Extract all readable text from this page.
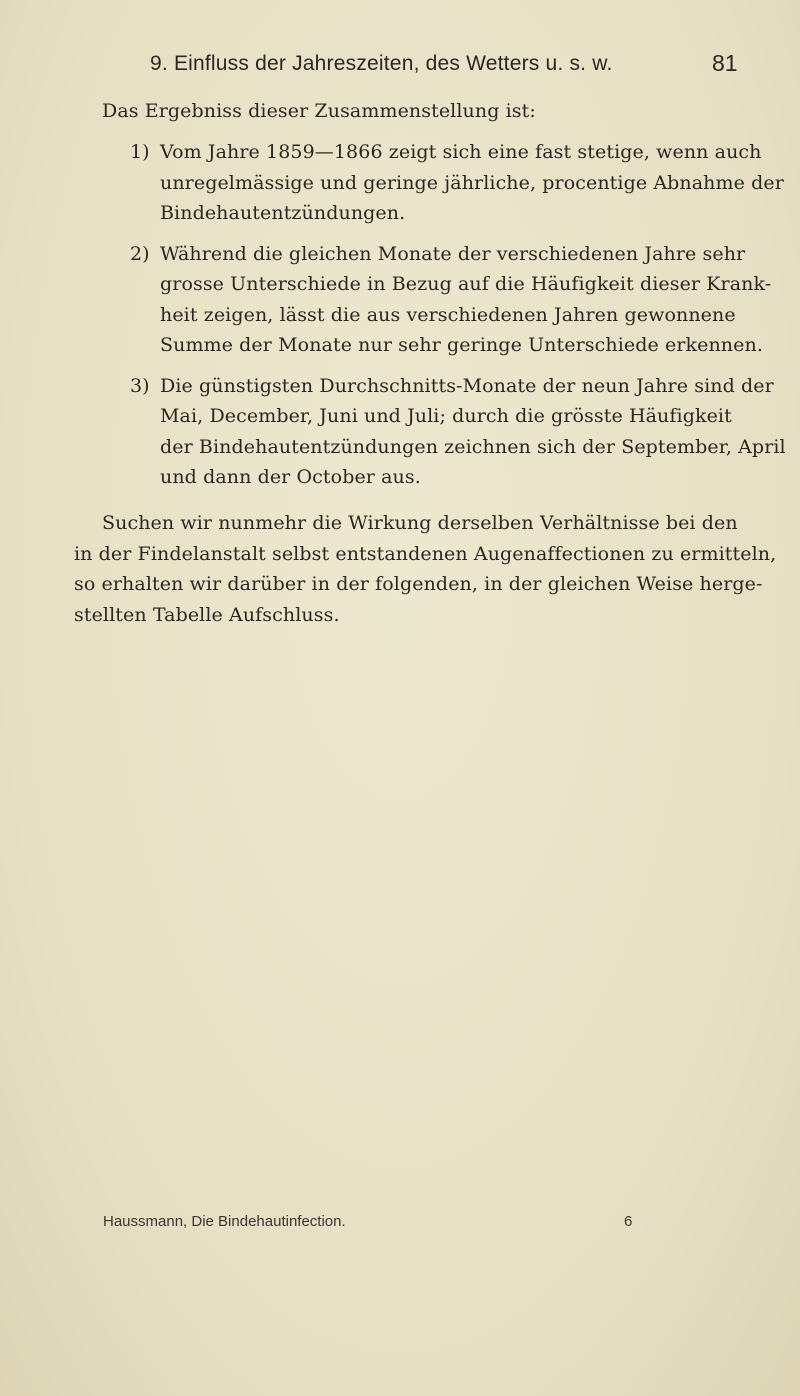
9. Einfluss der Jahreszeiten, des Wetters u. s. w.	81
Das Ergebniss dieser Zusammenstellung ist:
1) Vom Jahre 1859—1866 zeigt sich eine fast stetige, wenn auch
unregelmässige und geringe jährliche, procentige Abnahme der
Bindehautentzündungen.
2) Während die gleichen Monate der verschiedenen Jahre sehr
grosse Unterschiede in Bezug auf die Häufigkeit dieser Krank-
heit zeigen, lässt die aus verschiedenen Jahren gewonnene
Summe der Monate nur sehr geringe Unterschiede erkennen.
3) Die günstigsten Durchschnitts-Monate der neun Jahre sind der
Mai, December, Juni und Juli; durch die grösste Häufigkeit
der Bindehautentzündungen zeichnen sich der September, April
und dann der October aus.
Suchen wir nunmehr die Wirkung derselben Verhältnisse bei den
in der Findelanstalt selbst entstandenen Augenaffectionen zu ermitteln,
so erhalten wir darüber in der folgenden, in der gleichen Weise herge-
stellten Tabelle Aufschluss.
Haussmann, Die Bindehautinfection.	6
